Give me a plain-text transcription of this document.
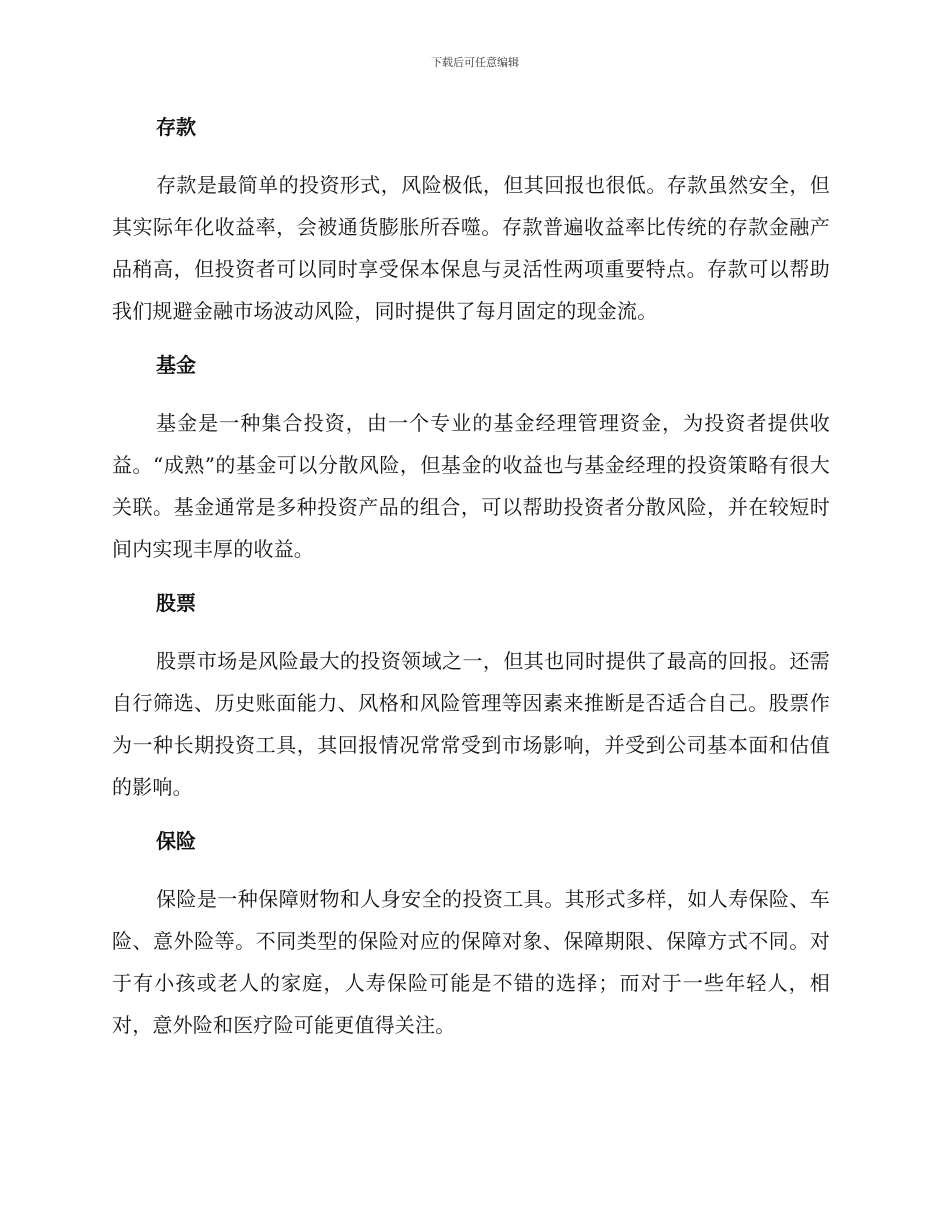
下载后可任意编辑
存款

存款是最简单的投资形式，风险极低，但其回报也很低。存款虽然安全，但其实际年化收益率，会被通货膨胀所吞噬。存款普遍收益率比传统的存款金融产品稍高，但投资者可以同时享受保本保息与灵活性两项重要特点。存款可以帮助我们规避金融市场波动风险，同时提供了每月固定的现金流。

基金

基金是一种集合投资，由一个专业的基金经理管理资金，为投资者提供收益。“成熟”的基金可以分散风险，但基金的收益也与基金经理的投资策略有很大关联。基金通常是多种投资产品的组合，可以帮助投资者分散风险，并在较短时间内实现丰厚的收益。

股票

股票市场是风险最大的投资领域之一，但其也同时提供了最高的回报。还需自行筛选、历史账面能力、风格和风险管理等因素来推断是否适合自己。股票作为一种长期投资工具，其回报情况常常受到市场影响，并受到公司基本面和估值的影响。

保险

保险是一种保障财物和人身安全的投资工具。其形式多样，如人寿保险、车险、意外险等。不同类型的保险对应的保障对象、保障期限、保障方式不同。对于有小孩或老人的家庭，人寿保险可能是不错的选择；而对于一些年轻人，相对，意外险和医疗险可能更值得关注。
